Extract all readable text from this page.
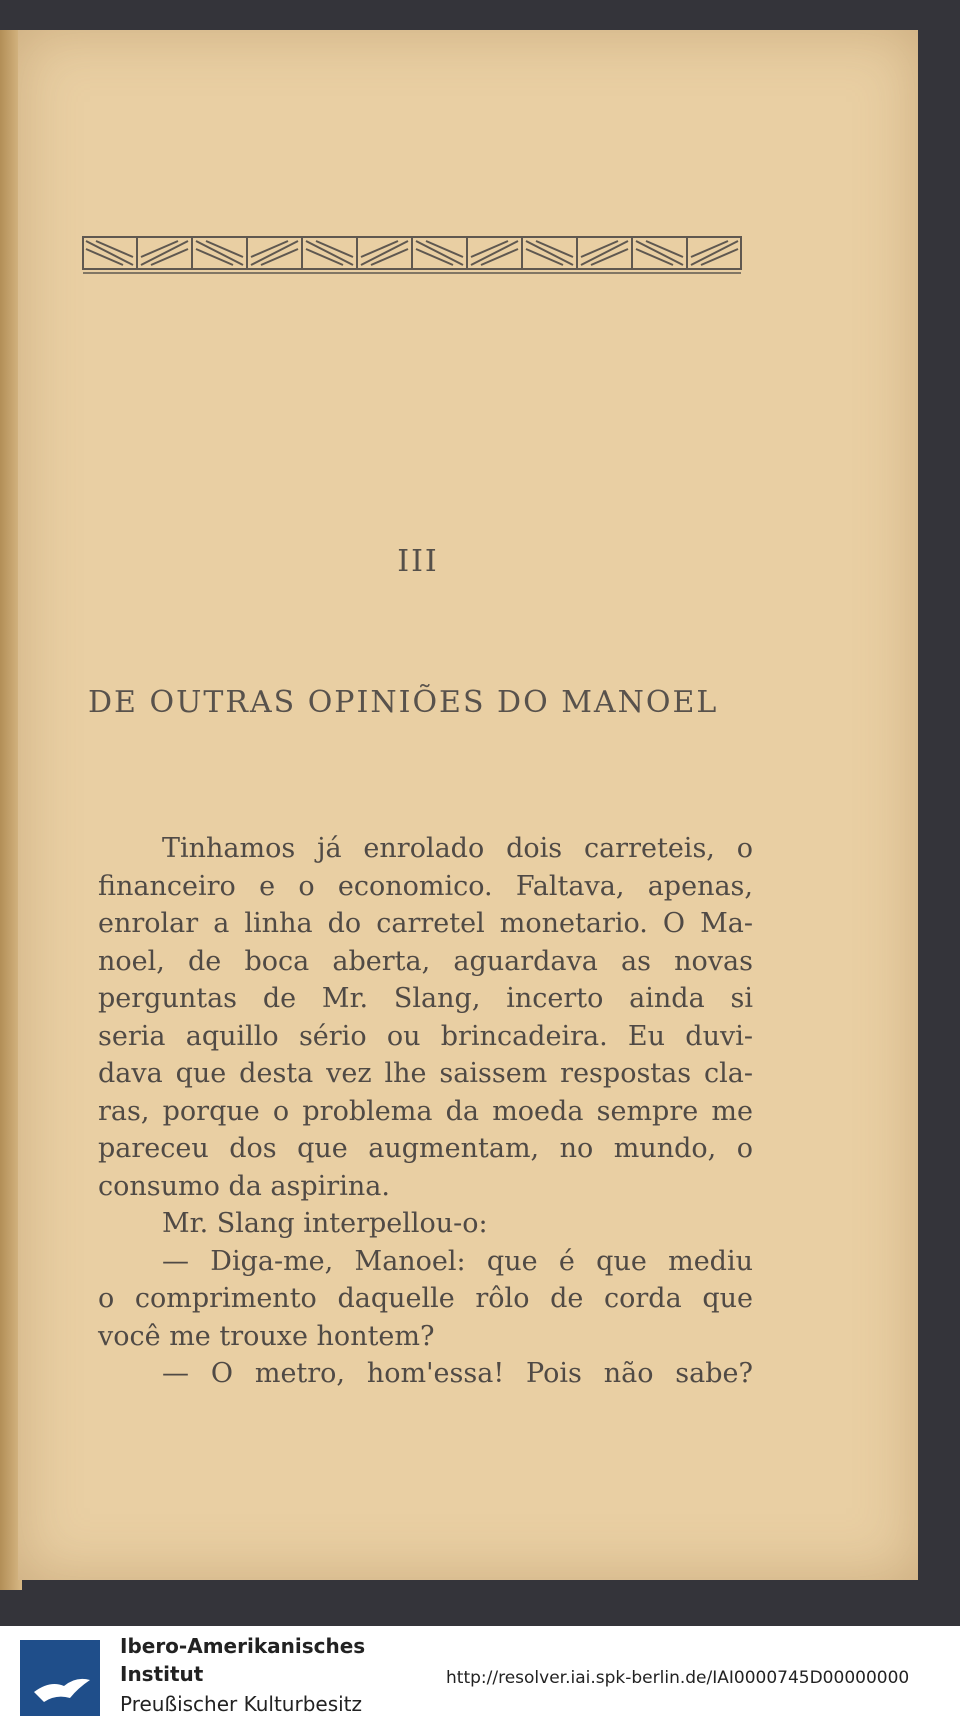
III
DE OUTRAS OPINIÕES DO MANOEL
Tinhamos já enrolado dois carreteis, o
financeiro e o economico. Faltava, apenas,
enrolar a linha do carretel monetario. O Ma-
noel, de boca aberta, aguardava as novas
perguntas de Mr. Slang, incerto ainda si
seria aquillo sério ou brincadeira. Eu duvi-
dava que desta vez lhe saissem respostas cla-
ras, porque o problema da moeda sempre me
pareceu dos que augmentam, no mundo, o
consumo da aspirina.
Mr. Slang interpellou-o:
— Diga-me, Manoel: que é que mediu
o comprimento daquelle rôlo de corda que
você me trouxe hontem?
— O metro, hom'essa! Pois não sabe?
Ibero-Amerikanisches
Institut
Preußischer Kulturbesitz
http://resolver.iai.spk-berlin.de/IAI0000745D00000000
